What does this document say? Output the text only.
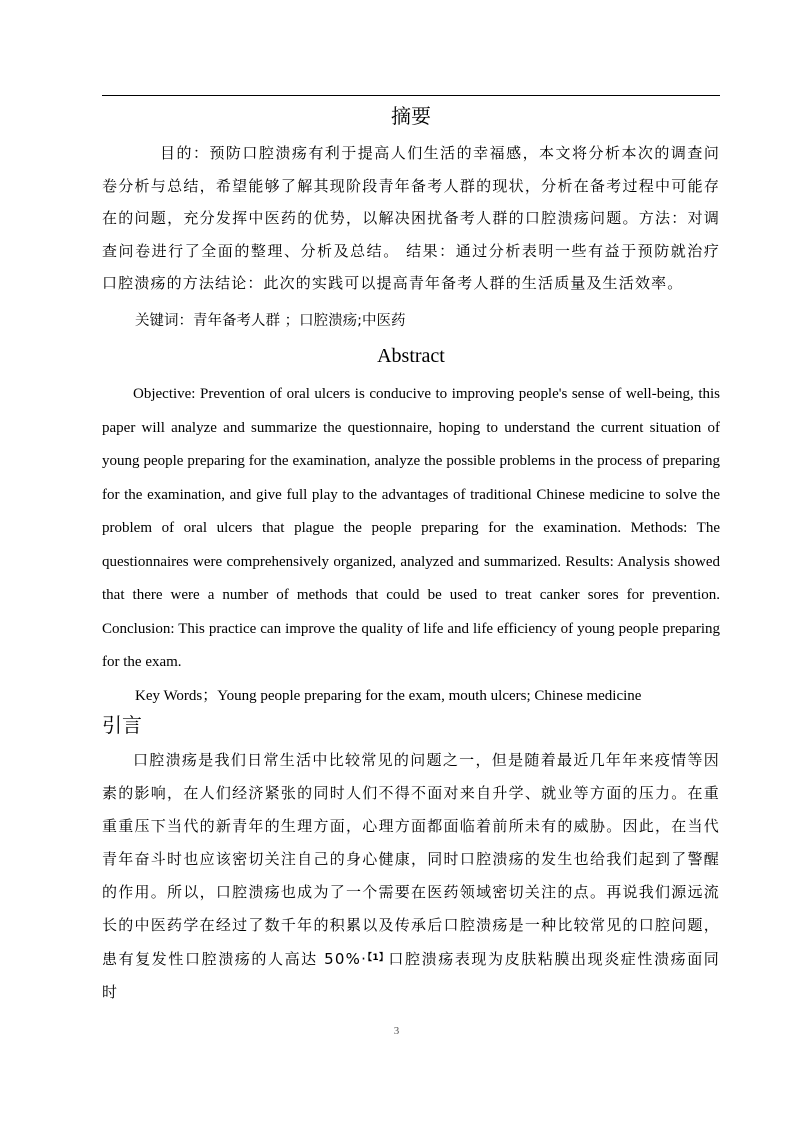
摘要

目的：预防口腔溃疡有利于提高人们生活的幸福感，本文将分析本次的调查问卷分析与总结，希望能够了解其现阶段青年备考人群的现状，分析在备考过程中可能存在的问题，充分发挥中医药的优势，以解决困扰备考人群的口腔溃疡问题。方法：对调查问卷进行了全面的整理、分析及总结。 结果：通过分析表明一些有益于预防就治疗口腔溃疡的方法结论：此次的实践可以提高青年备考人群的生活质量及生活效率。

关键词：青年备考人群 ；口腔溃疡;中医药

Abstract

Objective: Prevention of oral ulcers is conducive to improving people's sense of well-being, this paper will analyze and summarize the questionnaire, hoping to understand the current situation of young people preparing for the examination, analyze the possible problems in the process of preparing for the examination, and give full play to the advantages of traditional Chinese medicine to solve the problem of oral ulcers that plague the people preparing for the examination. Methods: The questionnaires were comprehensively organized, analyzed and summarized. Results: Analysis showed that there were a number of methods that could be used to treat canker sores for prevention. Conclusion: This practice can improve the quality of life and life efficiency of young people preparing for the exam.

Key Words；Young people preparing for the exam, mouth ulcers; Chinese medicine

引言

口腔溃疡是我们日常生活中比较常见的问题之一，但是随着最近几年年来疫情等因素的影响，在人们经济紧张的同时人们不得不面对来自升学、就业等方面的压力。在重重重压下当代的新青年的生理方面，心理方面都面临着前所未有的威胁。因此，在当代青年奋斗时也应该密切关注自己的身心健康，同时口腔溃疡的发生也给我们起到了警醒的作用。所以，口腔溃疡也成为了一个需要在医药领域密切关注的点。再说我们源远流长的中医药学在经过了数千年的积累以及传承后口腔溃疡是一种比较常见的口腔问题，患有复发性口腔溃疡的人高达 50%·$^{【1】}$口腔溃疡表现为皮肤粘膜出现炎症性溃疡面同时

3
